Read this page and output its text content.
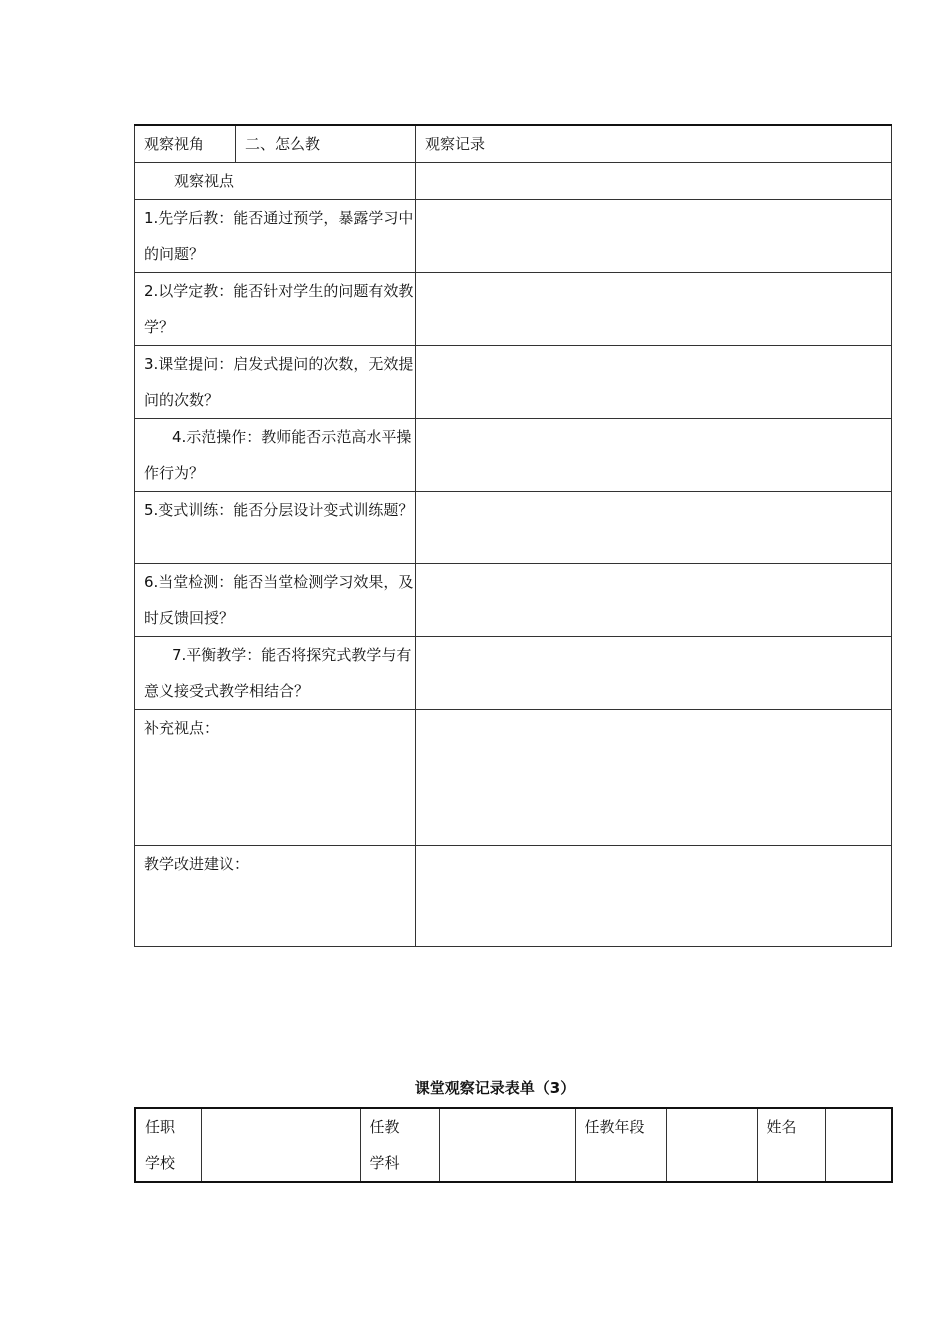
观察视角	二、怎么教	观察记录
观察视点		
1.先学后教：能否通过预学，暴露学习中的问题？		
2.以学定教：能否针对学生的问题有效教学？		
3.课堂提问：启发式提问的次数，无效提问的次数？		
4.示范操作：教师能否示范高水平操作行为？		
5.变式训练：能否分层设计变式训练题？		
6.当堂检测：能否当堂检测学习效果，及时反馈回授？		
7.平衡教学：能否将探究式教学与有意义接受式教学相结合？		
补充视点：		
教学改进建议：		
课堂观察记录表单（3）
任职学校		任教学科		任教年段		姓名	
